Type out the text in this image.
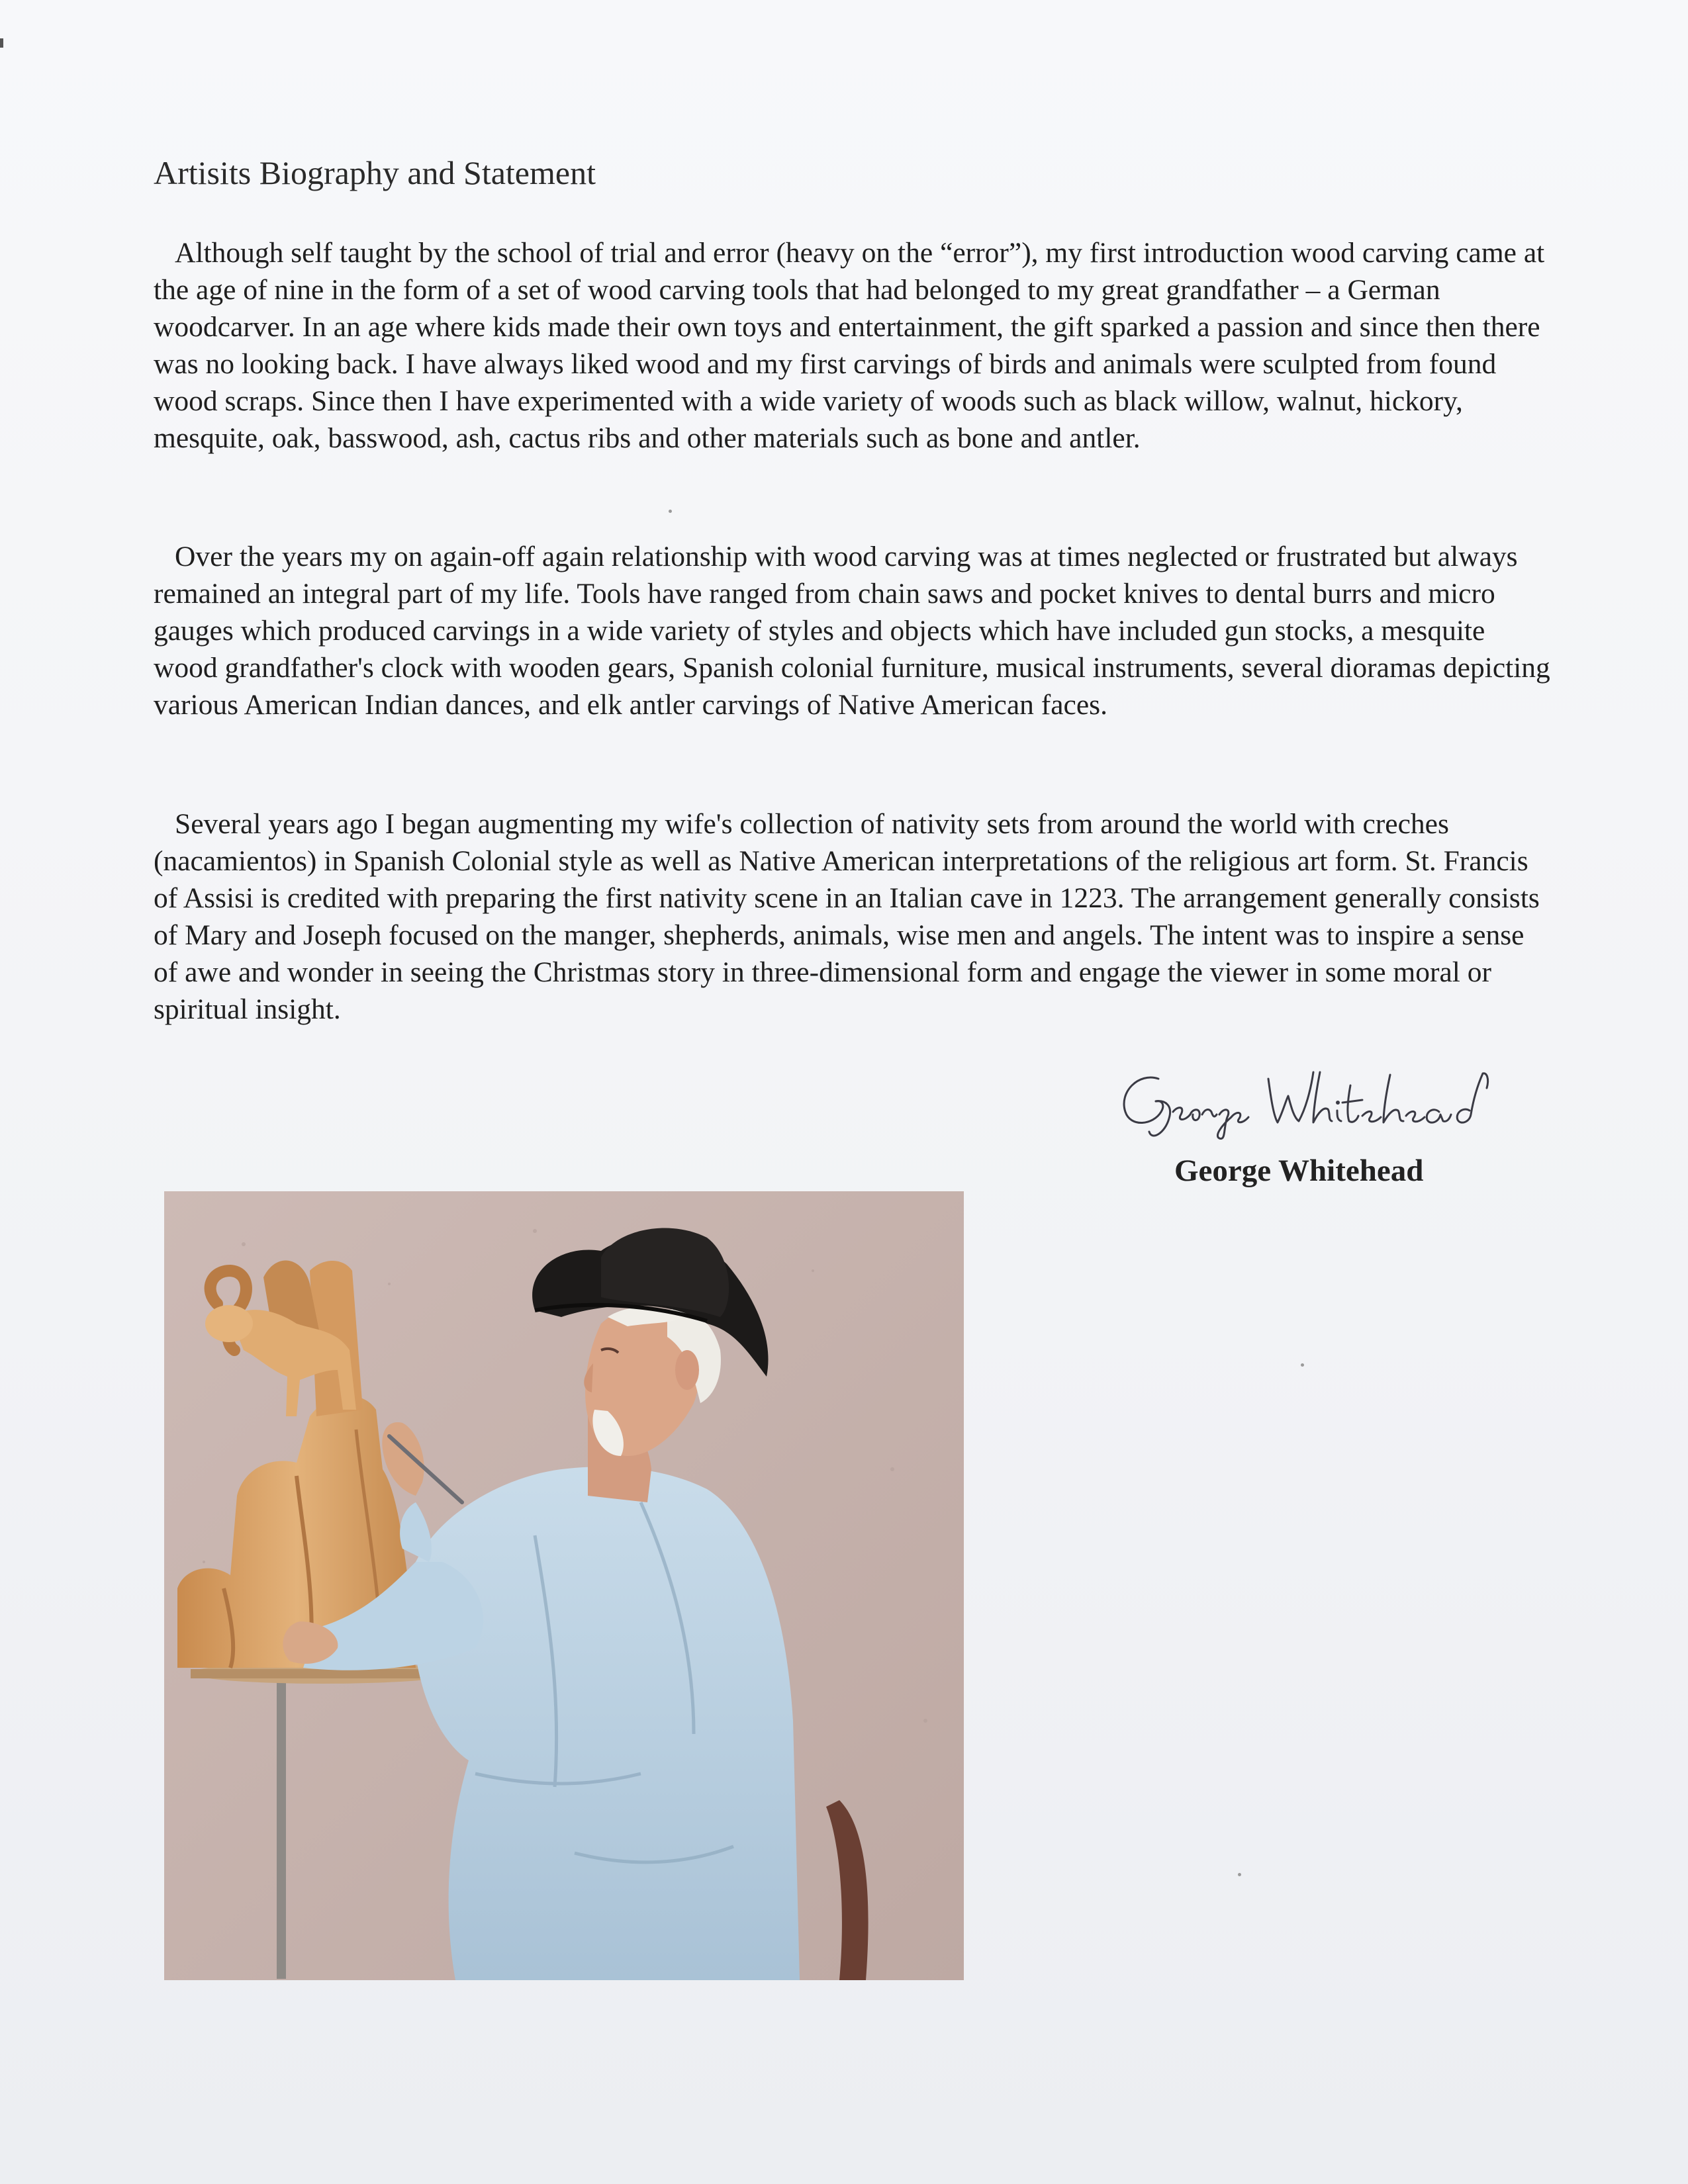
Artisits Biography and Statement

Although self taught by the school of trial and error (heavy on the “error”), my first introduction wood carving came at the age of nine in the form of a set of wood carving tools that had belonged to my great grandfather – a German woodcarver. In an age where kids made their own toys and entertainment, the gift sparked a passion and since then there was no looking back. I have always liked wood and my first carvings of birds and animals were sculpted from found wood scraps. Since then I have experimented with a wide variety of woods such as black willow, walnut, hickory, mesquite, oak, basswood, ash, cactus ribs and other materials such as bone and antler.

Over the years my on again-off again relationship with wood carving was at times neglected or frustrated but always remained an integral part of my life. Tools have ranged from chain saws and pocket knives to dental burrs and micro gauges which produced carvings in a wide variety of styles and objects which have included gun stocks, a mesquite wood grandfather's clock with wooden gears, Spanish colonial furniture, musical instruments, several dioramas depicting various American Indian dances, and elk antler carvings of Native American faces.

Several years ago I began augmenting my wife's collection of nativity sets from around the world with creches (nacamientos) in Spanish Colonial style as well as Native American interpretations of the religious art form. St. Francis of Assisi is credited with preparing the first nativity scene in an Italian cave in 1223. The arrangement generally consists of Mary and Joseph focused on the manger, shepherds, animals, wise men and angels. The intent was to inspire a sense of awe and wonder in seeing the Christmas story in three-dimensional form and engage the viewer in some moral or spiritual insight.

George Whitehead
